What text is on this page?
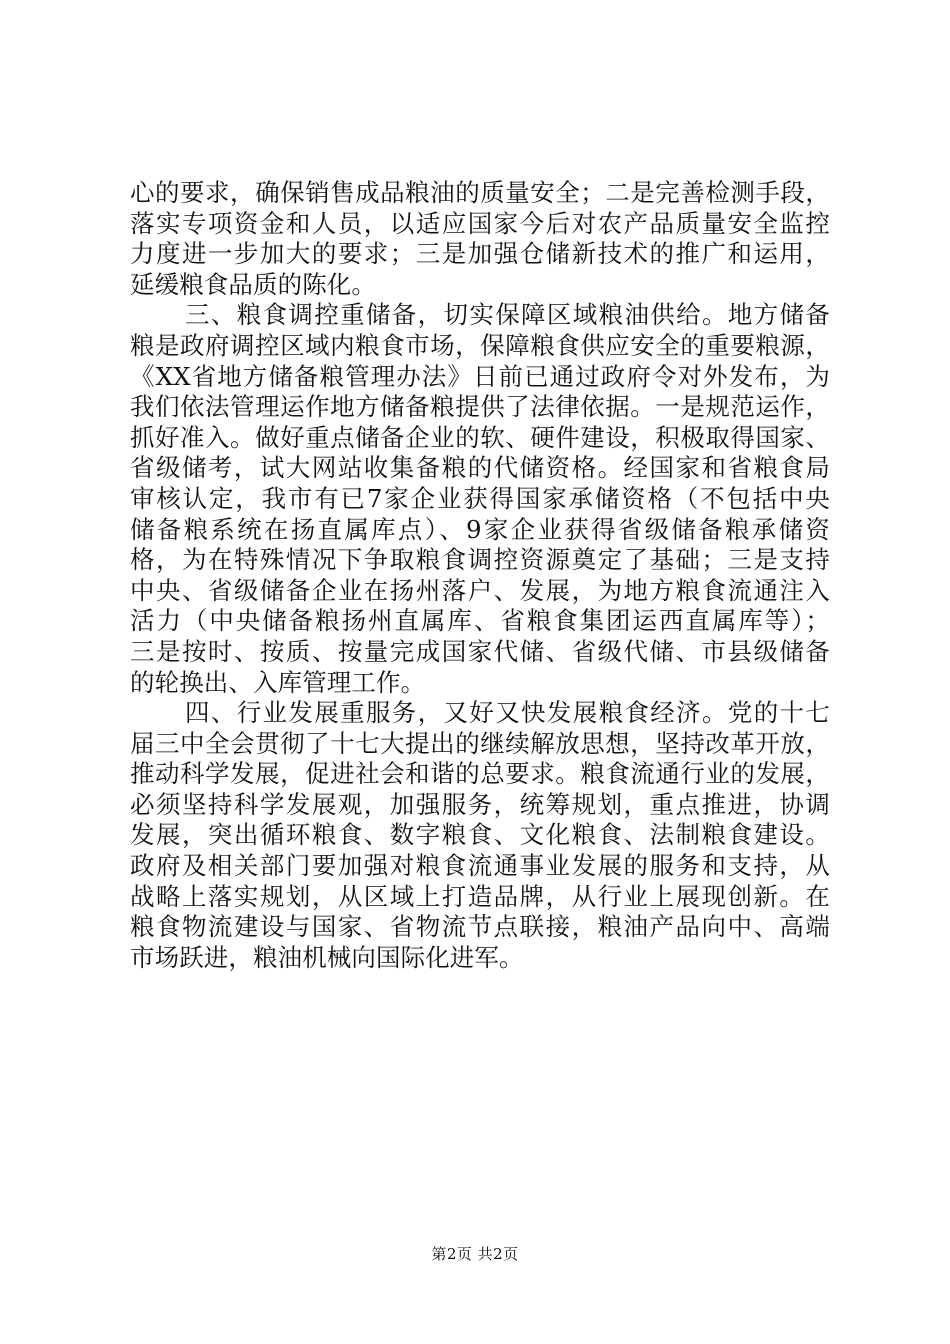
心的要求，确保销售成品粮油的质量安全；二是完善检测手段，
落实专项资金和人员，以适应国家今后对农产品质量安全监控
力度进一步加大的要求；三是加强仓储新技术的推广和运用，
延缓粮食品质的陈化。
三、粮食调控重储备，切实保障区域粮油供给。地方储备
粮是政府调控区域内粮食市场，保障粮食供应安全的重要粮源，
《XX省地方储备粮管理办法》日前已通过政府令对外发布，为
我们依法管理运作地方储备粮提供了法律依据。一是规范运作，
抓好准入。做好重点储备企业的软、硬件建设，积极取得国家、
省级储考，试大网站收集备粮的代储资格。经国家和省粮食局
审核认定，我市有已7家企业获得国家承储资格（不包括中央
储备粮系统在扬直属库点）、9家企业获得省级储备粮承储资
格，为在特殊情况下争取粮食调控资源奠定了基础；三是支持
中央、省级储备企业在扬州落户、发展，为地方粮食流通注入
活力（中央储备粮扬州直属库、省粮食集团运西直属库等）；
三是按时、按质、按量完成国家代储、省级代储、市县级储备
的轮换出、入库管理工作。
四、行业发展重服务，又好又快发展粮食经济。党的十七
届三中全会贯彻了十七大提出的继续解放思想，坚持改革开放，
推动科学发展，促进社会和谐的总要求。粮食流通行业的发展，
必须坚持科学发展观，加强服务，统筹规划，重点推进，协调
发展，突出循环粮食、数字粮食、文化粮食、法制粮食建设。
政府及相关部门要加强对粮食流通事业发展的服务和支持，从
战略上落实规划，从区域上打造品牌，从行业上展现创新。在
粮食物流建设与国家、省物流节点联接，粮油产品向中、高端
市场跃进，粮油机械向国际化进军。
第2页 共2页
